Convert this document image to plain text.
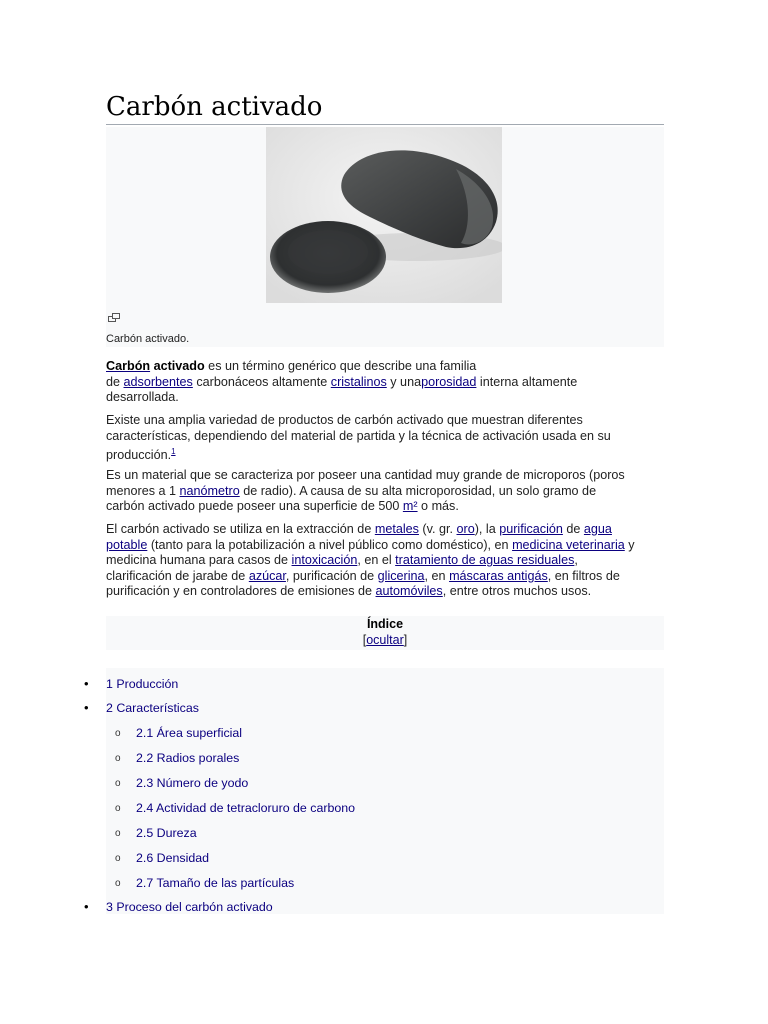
Carbón activado
Carbón activado.

Carbón activado es un término genérico que describe una familia
de adsorbentes carbonáceos altamente cristalinos y unaporosidad interna altamente
desarrollada.

Existe una amplia variedad de productos de carbón activado que muestran diferentes
características, dependiendo del material de partida y la técnica de activación usada en su
producción.$^1$

Es un material que se caracteriza por poseer una cantidad muy grande de microporos (poros
menores a 1 nanómetro de radio). A causa de su alta microporosidad, un solo gramo de
carbón activado puede poseer una superficie de 500 m² o más.

El carbón activado se utiliza en la extracción de metales (v. gr. oro), la purificación de agua
potable (tanto para la potabilización a nivel público como doméstico), en medicina veterinaria y
medicina humana para casos de intoxicación, en el tratamiento de aguas residuales,
clarificación de jarabe de azúcar, purificación de glicerina, en máscaras antigás, en filtros de
purificación y en controladores de emisiones de automóviles, entre otros muchos usos.

Índice
[ocultar]
• 1 Producción
• 2 Características
o 2.1 Área superficial
o 2.2 Radios porales
o 2.3 Número de yodo
o 2.4 Actividad de tetracloruro de carbono
o 2.5 Dureza
o 2.6 Densidad
o 2.7 Tamaño de las partículas
• 3 Proceso del carbón activado
